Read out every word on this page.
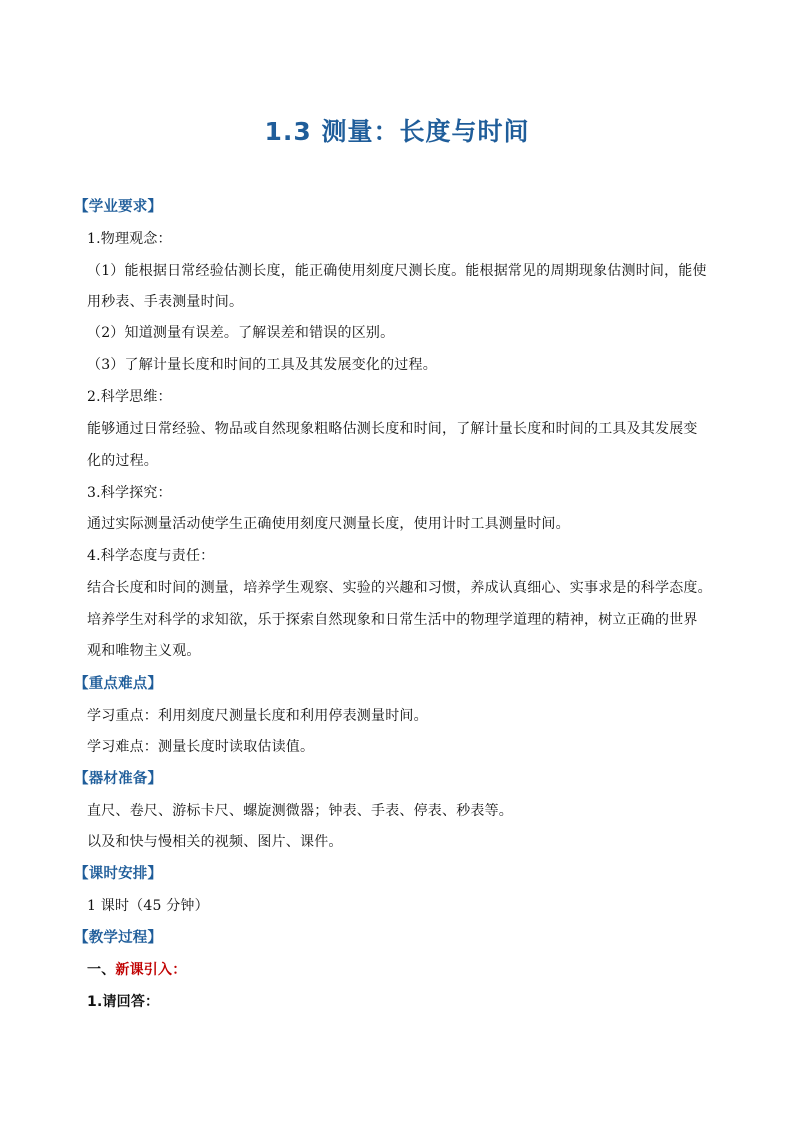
1.3 测量：长度与时间
【学业要求】
1.物理观念：
（1）能根据日常经验估测长度，能正确使用刻度尺测长度。能根据常见的周期现象估测时间，能使
用秒表、手表测量时间。
（2）知道测量有误差。了解误差和错误的区别。
（3）了解计量长度和时间的工具及其发展变化的过程。
2.科学思维：
能够通过日常经验、物品或自然现象粗略估测长度和时间，了解计量长度和时间的工具及其发展变
化的过程。
3.科学探究：
通过实际测量活动使学生正确使用刻度尺测量长度，使用计时工具测量时间。
4.科学态度与责任：
结合长度和时间的测量，培养学生观察、实验的兴趣和习惯，养成认真细心、实事求是的科学态度。
培养学生对科学的求知欲，乐于探索自然现象和日常生活中的物理学道理的精神，树立正确的世界
观和唯物主义观。
【重点难点】
学习重点：利用刻度尺测量长度和利用停表测量时间。
学习难点：测量长度时读取估读值。
【器材准备】
直尺、卷尺、游标卡尺、螺旋测微器；钟表、手表、停表、秒表等。
以及和快与慢相关的视频、图片、课件。
【课时安排】
1 课时（45 分钟）
【教学过程】
一、新课引入：
1.请回答：
